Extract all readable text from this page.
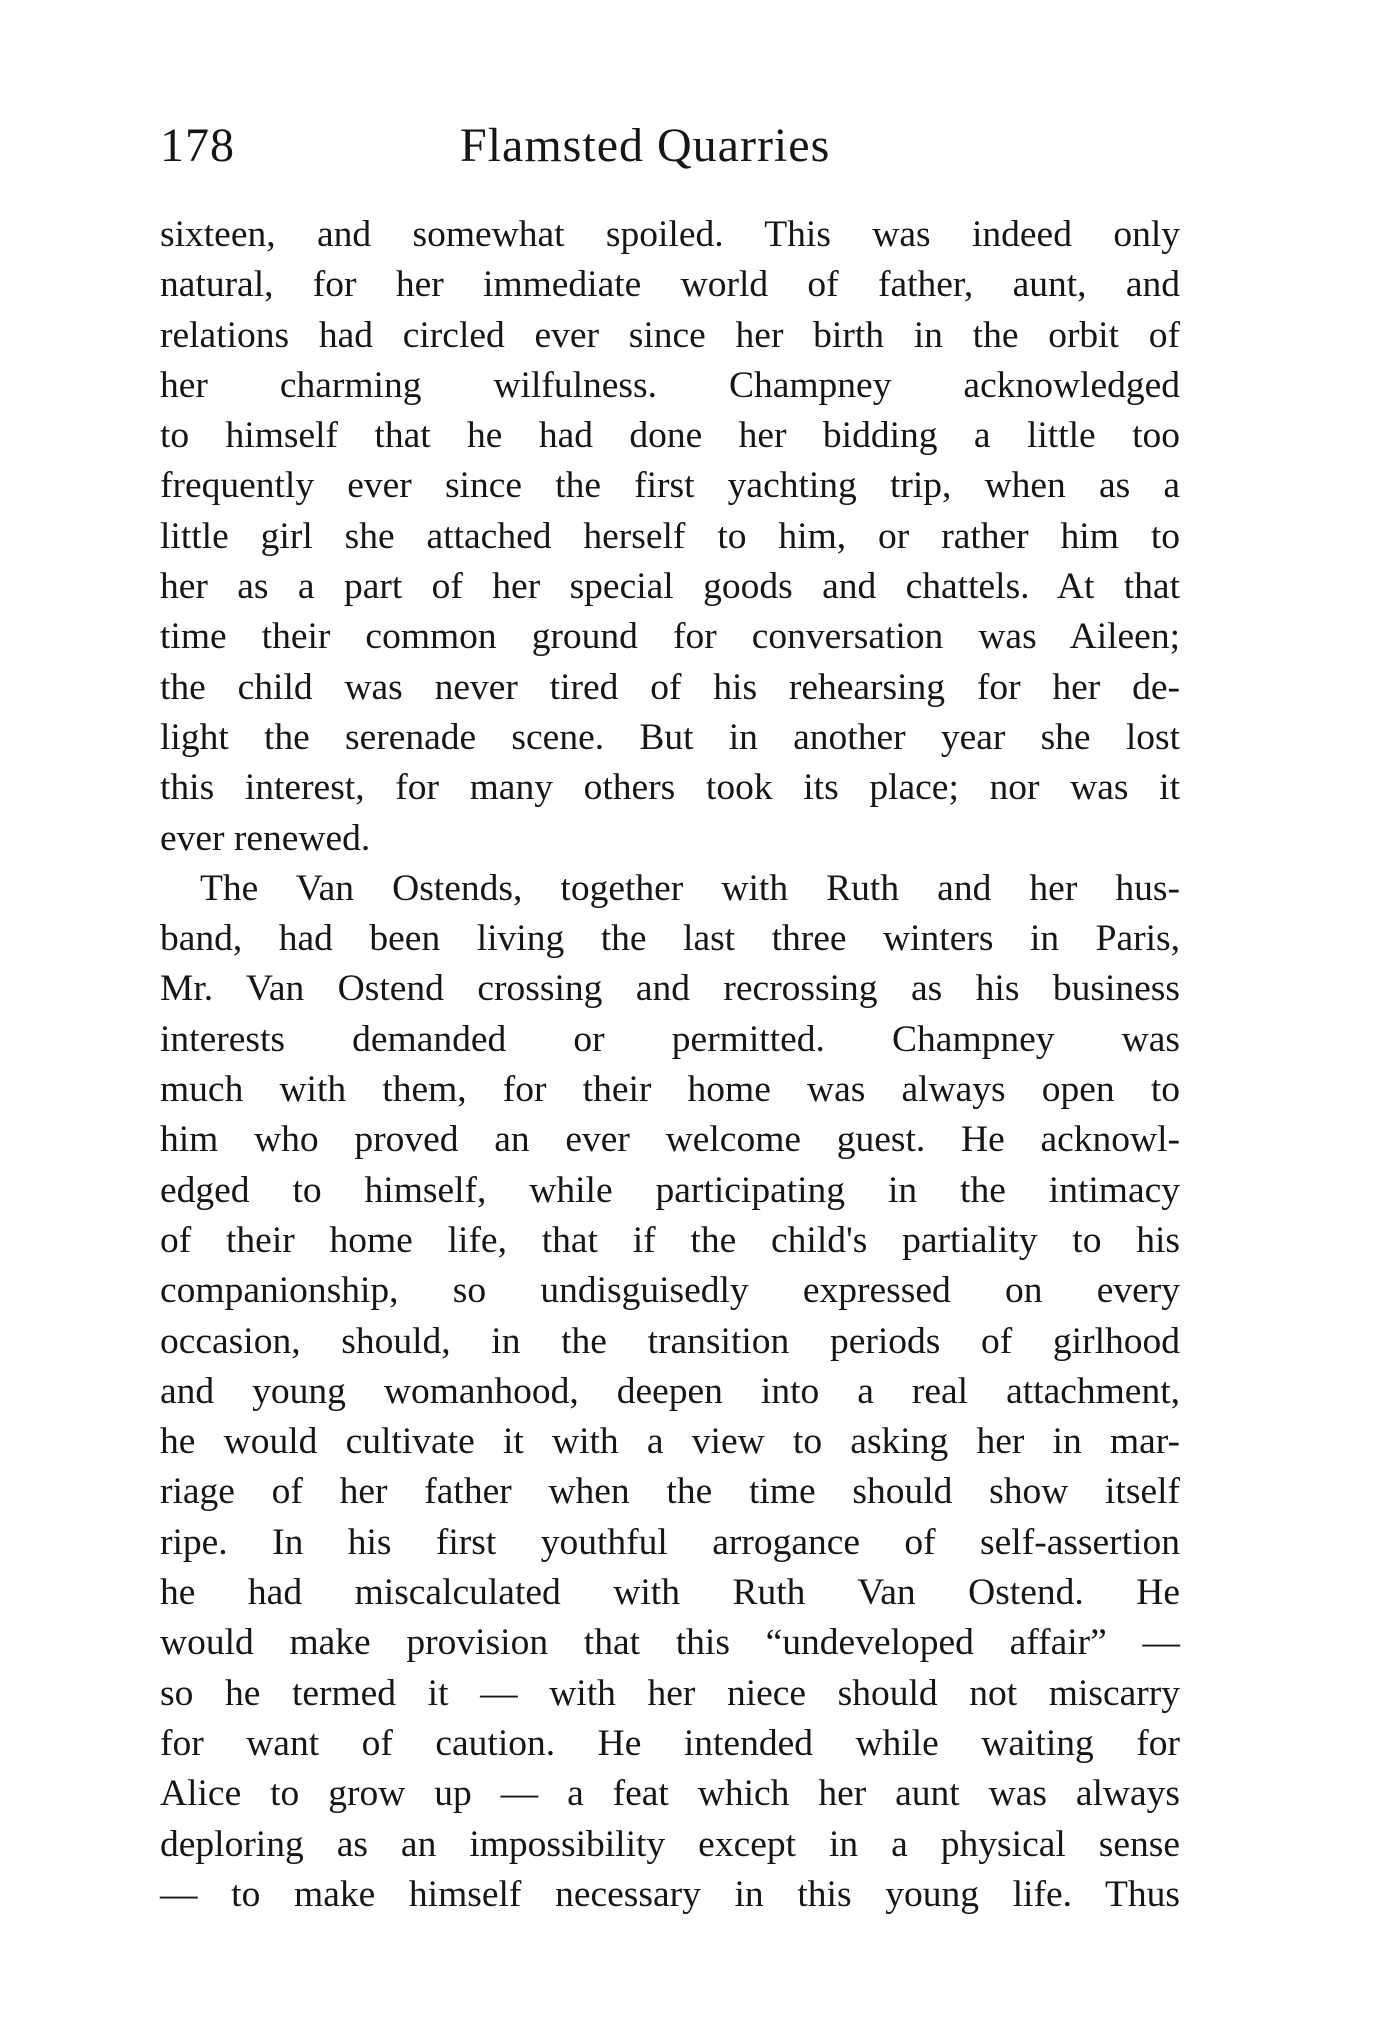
178	Flamsted Quarries
sixteen, and somewhat spoiled. This was indeed only
natural, for her immediate world of father, aunt, and
relations had circled ever since her birth in the orbit of
her charming wilfulness. Champney acknowledged
to himself that he had done her bidding a little too
frequently ever since the first yachting trip, when as a
little girl she attached herself to him, or rather him to
her as a part of her special goods and chattels. At that
time their common ground for conversation was Aileen;
the child was never tired of his rehearsing for her de-
light the serenade scene. But in another year she lost
this interest, for many others took its place; nor was it
ever renewed.
The Van Ostends, together with Ruth and her hus-
band, had been living the last three winters in Paris,
Mr. Van Ostend crossing and recrossing as his business
interests demanded or permitted. Champney was
much with them, for their home was always open to
him who proved an ever welcome guest. He acknowl-
edged to himself, while participating in the intimacy
of their home life, that if the child's partiality to his
companionship, so undisguisedly expressed on every
occasion, should, in the transition periods of girlhood
and young womanhood, deepen into a real attachment,
he would cultivate it with a view to asking her in mar-
riage of her father when the time should show itself
ripe. In his first youthful arrogance of self-assertion
he had miscalculated with Ruth Van Ostend. He
would make provision that this “undeveloped affair” —
so he termed it — with her niece should not miscarry
for want of caution. He intended while waiting for
Alice to grow up — a feat which her aunt was always
deploring as an impossibility except in a physical sense
— to make himself necessary in this young life. Thus
